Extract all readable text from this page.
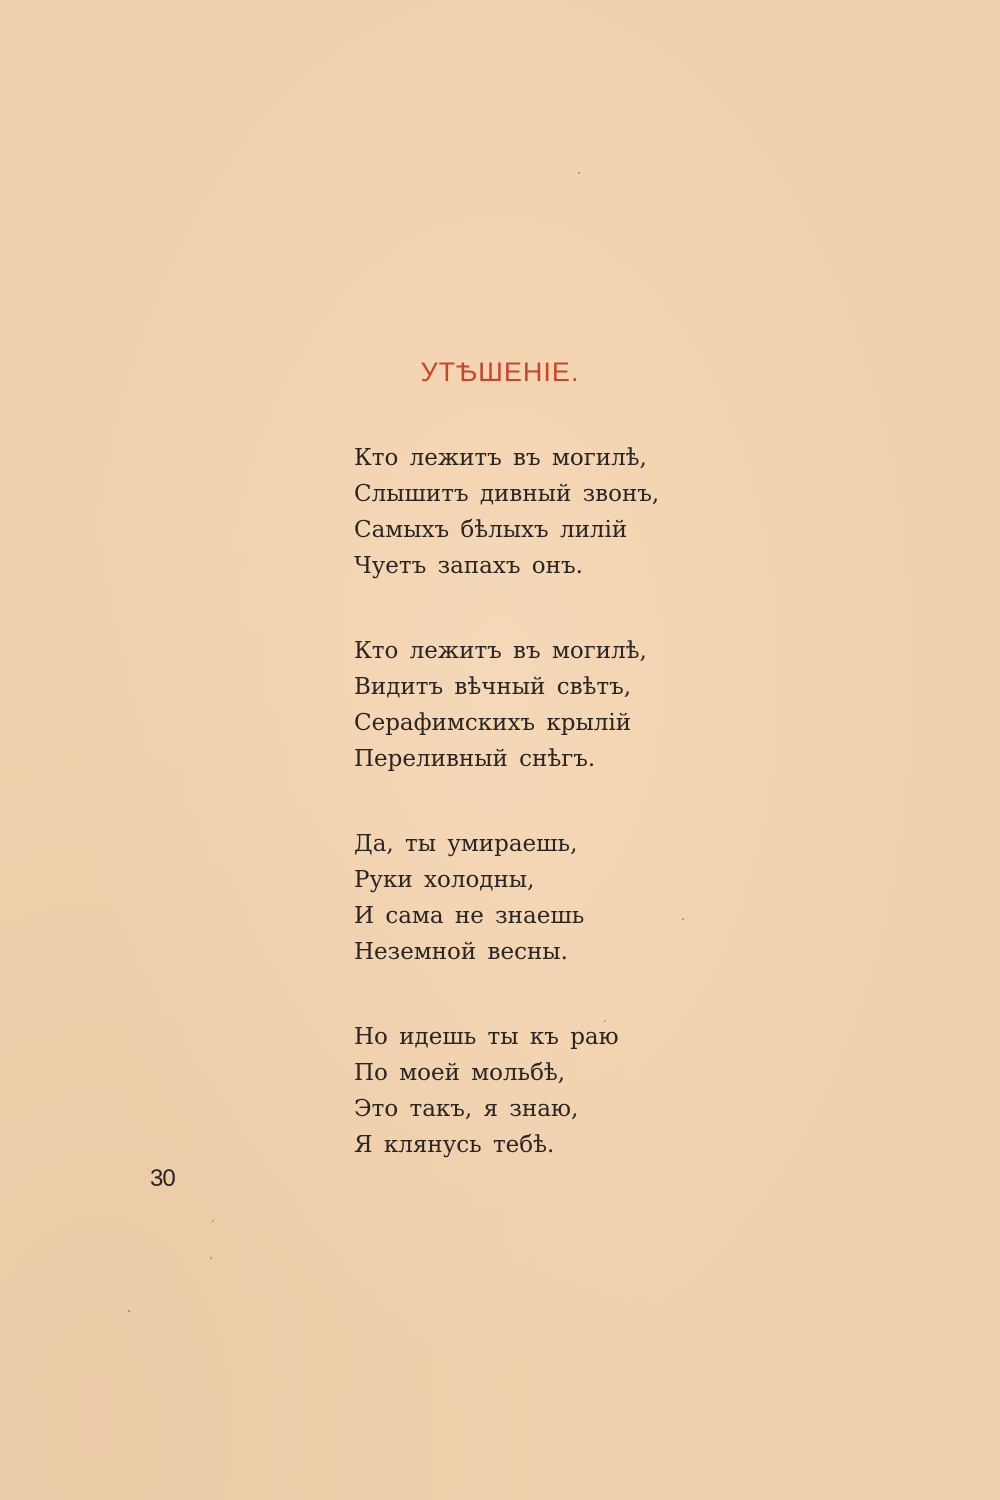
УТѢШЕНІЕ.
Кто лежитъ въ могилѣ,
Слышитъ дивный звонъ,
Самыхъ бѣлыхъ лилій
Чуетъ запахъ онъ.
Кто лежитъ въ могилѣ,
Видитъ вѣчный свѣтъ,
Серафимскихъ крылій
Переливный снѣгъ.
Да, ты умираешь,
Руки холодны,
И сама не знаешь
Неземной весны.
Но идешь ты къ раю
По моей мольбѣ,
Это такъ, я знаю,
Я клянусь тебѣ.
30
